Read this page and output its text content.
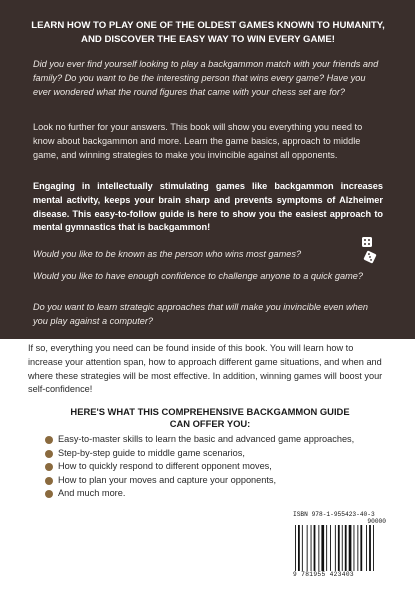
LEARN HOW TO PLAY ONE OF THE OLDEST GAMES KNOWN TO HUMANITY, AND DISCOVER THE EASY WAY TO WIN EVERY GAME!

Did you ever find yourself looking to play a backgammon match with your friends and family? Do you want to be the interesting person that wins every game? Have you ever wondered what the round figures that came with your chess set are for?

Look no further for your answers. This book will show you everything you need to know about backgammon and more. Learn the game basics, approach to middle game, and winning strategies to make you invincible against all opponents.

Engaging in intellectually stimulating games like backgammon increases mental activity, keeps your brain sharp and prevents symptoms of Alzheimer disease. This easy-to-follow guide is here to show you the easiest approach to mental gymnastics that is backgammon!

Would you like to be known as the person who wins most games?

Would you like to have enough confidence to challenge anyone to a quick game?

Do you want to learn strategic approaches that will make you invincible even when you play against a computer?

If so, everything you need can be found inside of this book. You will learn how to increase your attention span, how to approach different game situations, and when and where these strategies will be most effective. In addition, winning games will boost your self-confidence!

HERE'S WHAT THIS COMPREHENSIVE BACKGAMMON GUIDE
CAN OFFER YOU:
Easy-to-master skills to learn the basic and advanced game approaches,
Step-by-step guide to middle game scenarios,
How to quickly respond to different opponent moves,
How to plan your moves and capture your opponents,
And much more.
ISBN 978-1-955423-40-3
90000
9 781955 423403
